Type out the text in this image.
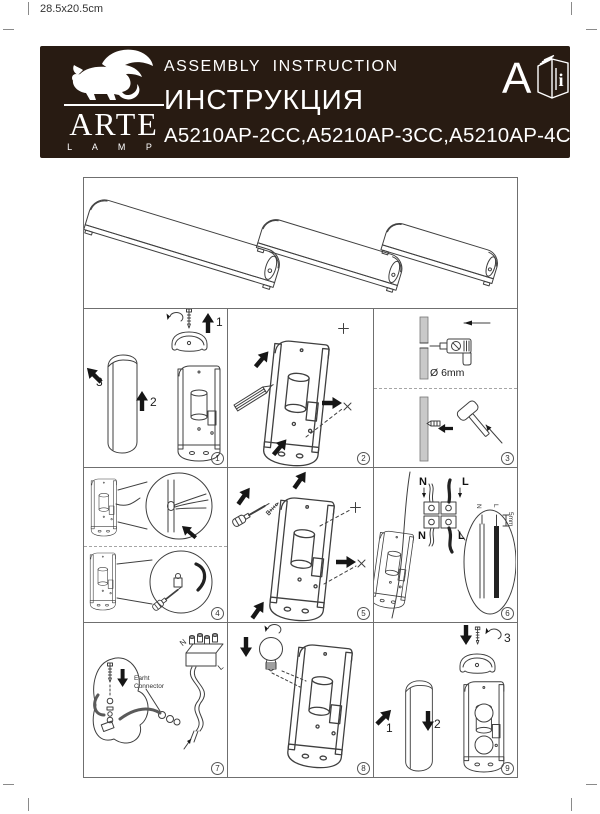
28.5x20.5cm
ARTE
L A M P
ASSEMBLY  INSTRUCTION
ИНСТРУКЦИЯ
A5210AP-2CC,A5210AP-3CC,A5210AP-4CC
A i
1
2
3
1	2
Ø 6mm
3
4	5
N	L
N	L
N L
5mm
6
Earht
Connector
N
L
7	8
1	2
3
9
